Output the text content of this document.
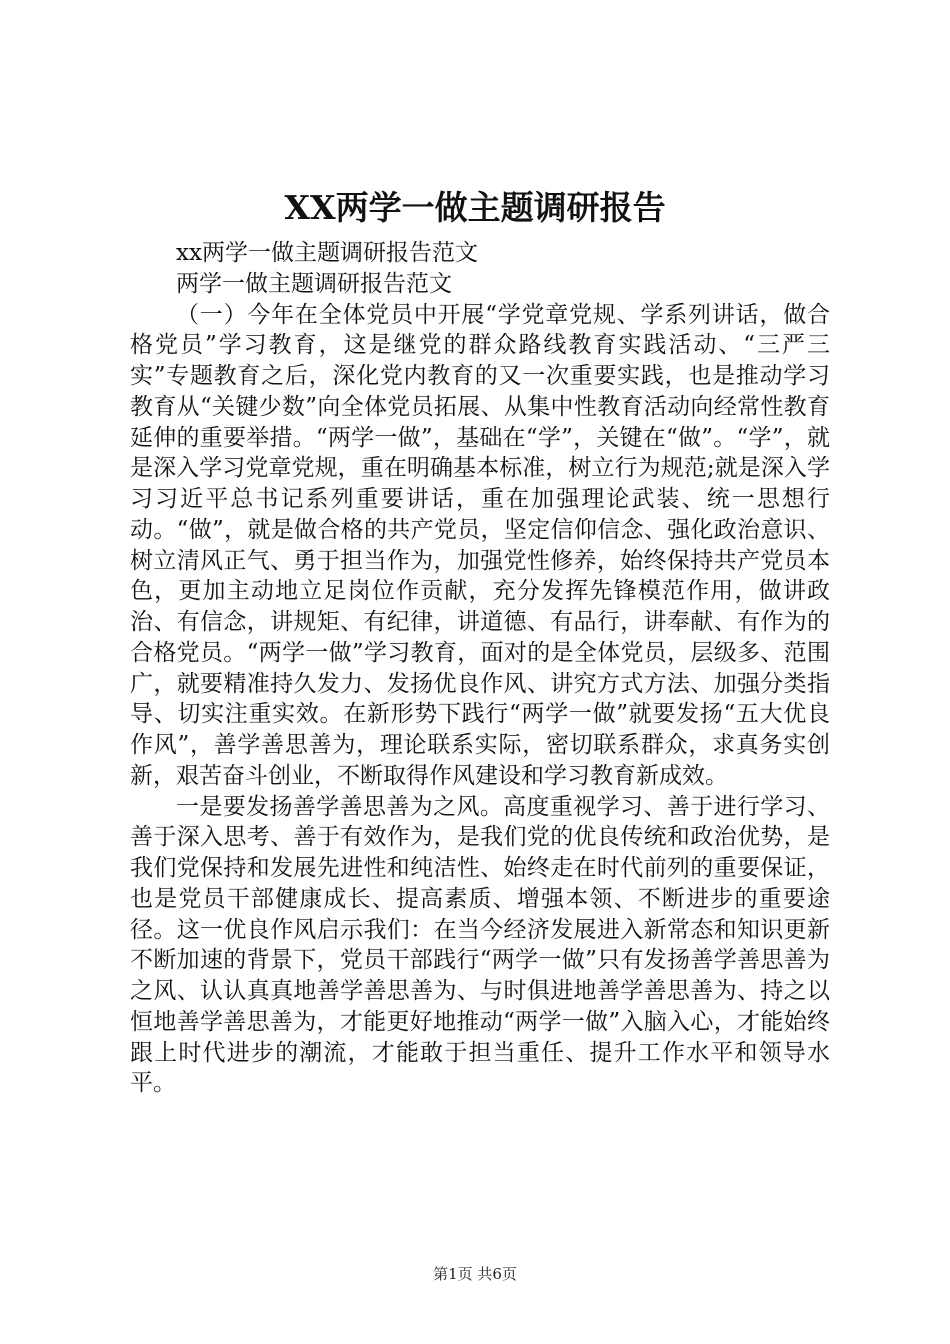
XX两学一做主题调研报告

xx两学一做主题调研报告范文

两学一做主题调研报告范文

（一）今年在全体党员中开展“学党章党规、学系列讲话，做合格党员”学习教育，这是继党的群众路线教育实践活动、“三严三实”专题教育之后，深化党内教育的又一次重要实践，也是推动学习教育从“关键少数”向全体党员拓展、从集中性教育活动向经常性教育延伸的重要举措。“两学一做”，基础在“学”，关键在“做”。“学”，就是深入学习党章党规，重在明确基本标准，树立行为规范;就是深入学习习近平总书记系列重要讲话，重在加强理论武装、统一思想行动。“做”，就是做合格的共产党员，坚定信仰信念、强化政治意识、树立清风正气、勇于担当作为，加强党性修养，始终保持共产党员本色，更加主动地立足岗位作贡献，充分发挥先锋模范作用，做讲政治、有信念，讲规矩、有纪律，讲道德、有品行，讲奉献、有作为的合格党员。“两学一做”学习教育，面对的是全体党员，层级多、范围广，就要精准持久发力、发扬优良作风、讲究方式方法、加强分类指导、切实注重实效。在新形势下践行“两学一做”就要发扬“五大优良作风”，善学善思善为，理论联系实际，密切联系群众，求真务实创新，艰苦奋斗创业，不断取得作风建设和学习教育新成效。

一是要发扬善学善思善为之风。高度重视学习、善于进行学习、善于深入思考、善于有效作为，是我们党的优良传统和政治优势，是我们党保持和发展先进性和纯洁性、始终走在时代前列的重要保证，也是党员干部健康成长、提高素质、增强本领、不断进步的重要途径。这一优良作风启示我们：在当今经济发展进入新常态和知识更新不断加速的背景下，党员干部践行“两学一做”只有发扬善学善思善为之风、认认真真地善学善思善为、与时俱进地善学善思善为、持之以恒地善学善思善为，才能更好地推动“两学一做”入脑入心，才能始终跟上时代进步的潮流，才能敢于担当重任、提升工作水平和领导水平。

第1页 共6页
